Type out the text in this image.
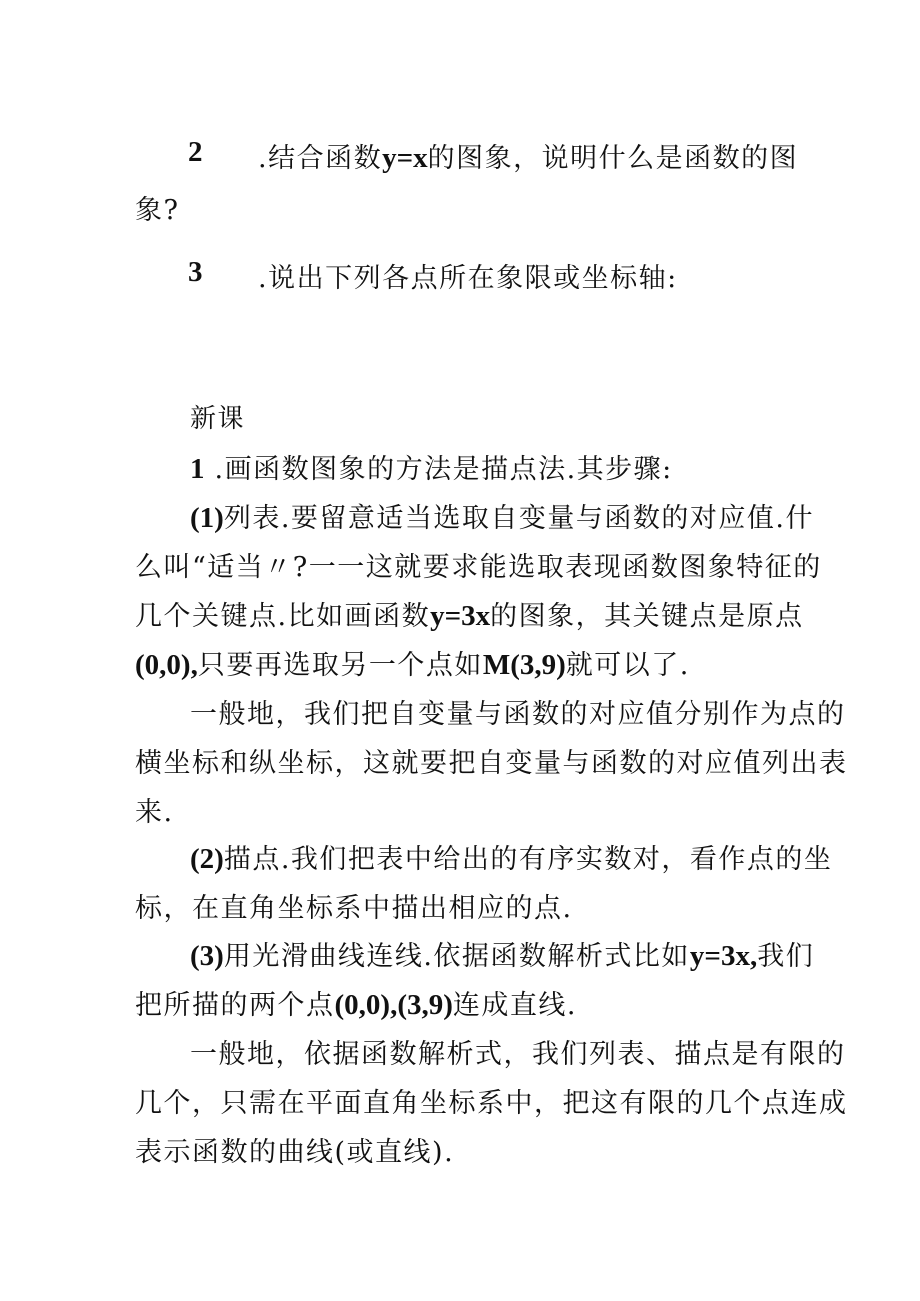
2 .结合函数y=x的图象，说明什么是函数的图
象?
3 .说出下列各点所在象限或坐标轴:
新课
1 .画函数图象的方法是描点法.其步骤:
(1)列表.要留意适当选取自变量与函数的对应值.什
么叫“适当〃?一一这就要求能选取表现函数图象特征的
几个关键点.比如画函数y=3x的图象，其关键点是原点
(0,0),只要再选取另一个点如M(3,9)就可以了.
一般地，我们把自变量与函数的对应值分别作为点的
横坐标和纵坐标，这就要把自变量与函数的对应值列出表
来.
(2)描点.我们把表中给出的有序实数对，看作点的坐
标，在直角坐标系中描出相应的点.
(3)用光滑曲线连线.依据函数解析式比如y=3x,我们
把所描的两个点(0,0),(3,9)连成直线.
一般地，依据函数解析式，我们列表、描点是有限的
几个，只需在平面直角坐标系中，把这有限的几个点连成
表示函数的曲线(或直线).
